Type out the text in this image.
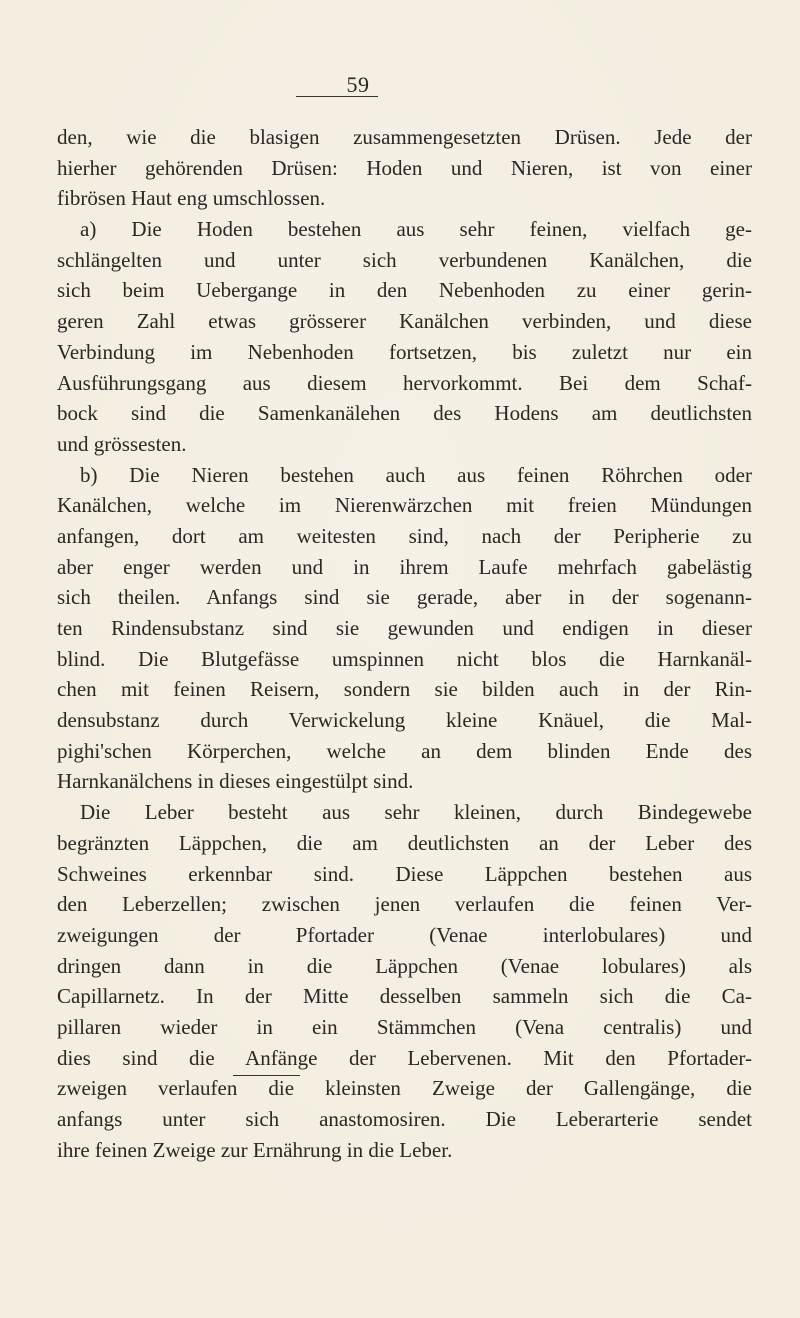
59
den, wie die blasigen zusammengesetzten Drüsen. Jede der
hierher gehörenden Drüsen: Hoden und Nieren, ist von einer
fibrösen Haut eng umschlossen.
a) Die Hoden bestehen aus sehr feinen, vielfach ge-
schlängelten und unter sich verbundenen Kanälchen, die
sich beim Uebergange in den Nebenhoden zu einer gerin-
geren Zahl etwas grösserer Kanälchen verbinden, und diese
Verbindung im Nebenhoden fortsetzen, bis zuletzt nur ein
Ausführungsgang aus diesem hervorkommt. Bei dem Schaf-
bock sind die Samenkanälehen des Hodens am deutlichsten
und grössesten.
b) Die Nieren bestehen auch aus feinen Röhrchen oder
Kanälchen, welche im Nierenwärzchen mit freien Mündungen
anfangen, dort am weitesten sind, nach der Peripherie zu
aber enger werden und in ihrem Laufe mehrfach gabelästig
sich theilen. Anfangs sind sie gerade, aber in der sogenann-
ten Rindensubstanz sind sie gewunden und endigen in dieser
blind. Die Blutgefässe umspinnen nicht blos die Harnkanäl-
chen mit feinen Reisern, sondern sie bilden auch in der Rin-
densubstanz durch Verwickelung kleine Knäuel, die Mal-
pighi'schen Körperchen, welche an dem blinden Ende des
Harnkanälchens in dieses eingestülpt sind.
Die Leber besteht aus sehr kleinen, durch Bindegewebe
begränzten Läppchen, die am deutlichsten an der Leber des
Schweines erkennbar sind. Diese Läppchen bestehen aus
den Leberzellen; zwischen jenen verlaufen die feinen Ver-
zweigungen der Pfortader (Venae interlobulares) und
dringen dann in die Läppchen (Venae lobulares) als
Capillarnetz. In der Mitte desselben sammeln sich die Ca-
pillaren wieder in ein Stämmchen (Vena centralis) und
dies sind die Anfänge der Lebervenen. Mit den Pfortader-
zweigen verlaufen die kleinsten Zweige der Gallengänge, die
anfangs unter sich anastomosiren. Die Leberarterie sendet
ihre feinen Zweige zur Ernährung in die Leber.
